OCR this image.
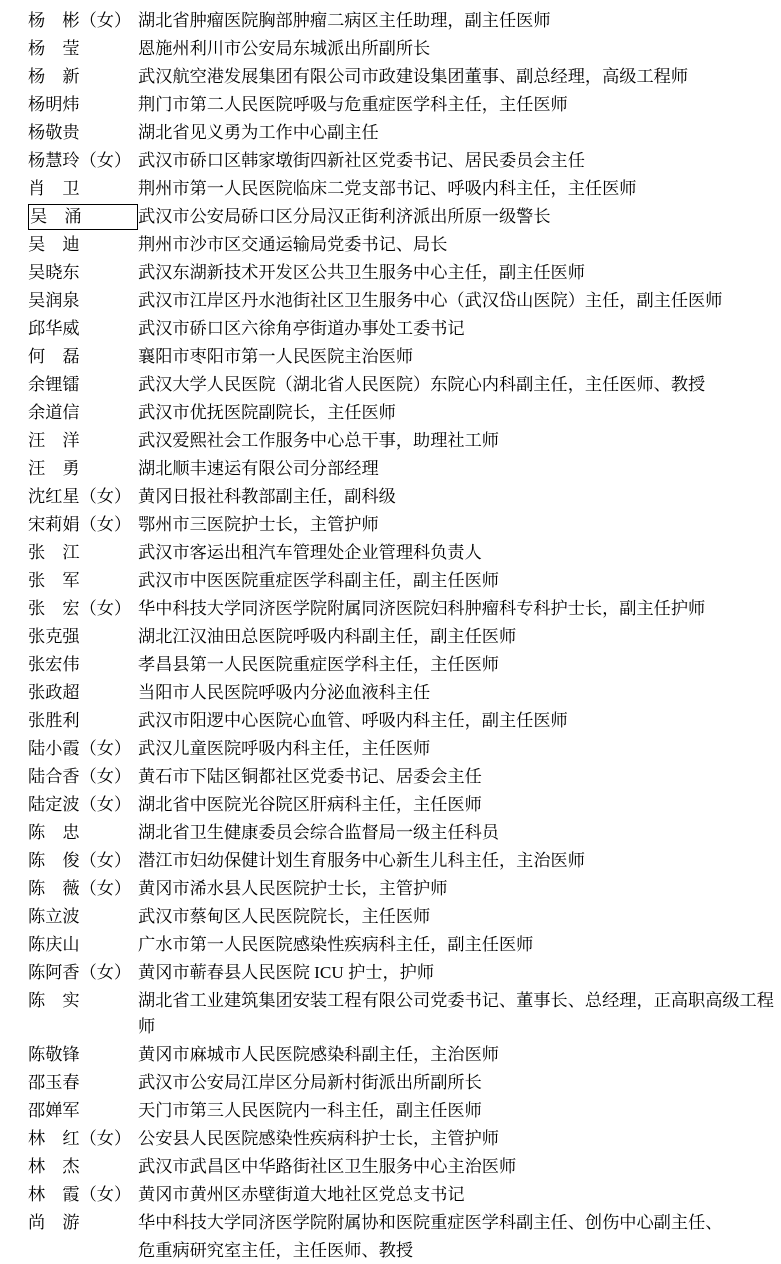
杨　彬（女） 湖北省肿瘤医院胸部肿瘤二病区主任助理，副主任医师
杨　莹	恩施州利川市公安局东城派出所副所长
杨　新	武汉航空港发展集团有限公司市政建设集团董事、副总经理，高级工程师
杨明炜	荆门市第二人民医院呼吸与危重症医学科主任，主任医师
杨敬贵	湖北省见义勇为工作中心副主任
杨慧玲（女） 武汉市硚口区韩家墩街四新社区党委书记、居民委员会主任
肖　卫	荆州市第一人民医院临床二党支部书记、呼吸内科主任，主任医师
吴　涌	武汉市公安局硚口区分局汉正街利济派出所原一级警长
吴　迪	荆州市沙市区交通运输局党委书记、局长
吴晓东	武汉东湖新技术开发区公共卫生服务中心主任，副主任医师
吴润泉	武汉市江岸区丹水池街社区卫生服务中心（武汉岱山医院）主任，副主任医师
邱华威	武汉市硚口区六徐角亭街道办事处工委书记
何　磊	襄阳市枣阳市第一人民医院主治医师
余锂镭	武汉大学人民医院（湖北省人民医院）东院心内科副主任，主任医师、教授
余道信	武汉市优抚医院副院长，主任医师
汪　洋	武汉爱熙社会工作服务中心总干事，助理社工师
汪　勇	湖北顺丰速运有限公司分部经理
沈红星（女） 黄冈日报社科教部副主任，副科级
宋莉娟（女） 鄂州市三医院护士长，主管护师
张　江	武汉市客运出租汽车管理处企业管理科负责人
张　军	武汉市中医医院重症医学科副主任，副主任医师
张　宏（女） 华中科技大学同济医学院附属同济医院妇科肿瘤科专科护士长，副主任护师
张克强	湖北江汉油田总医院呼吸内科副主任，副主任医师
张宏伟	孝昌县第一人民医院重症医学科主任，主任医师
张政超	当阳市人民医院呼吸内分泌血液科主任
张胜利	武汉市阳逻中心医院心血管、呼吸内科主任，副主任医师
陆小霞（女） 武汉儿童医院呼吸内科主任，主任医师
陆合香（女） 黄石市下陆区铜都社区党委书记、居委会主任
陆定波（女） 湖北省中医院光谷院区肝病科主任，主任医师
陈　忠	湖北省卫生健康委员会综合监督局一级主任科员
陈　俊（女） 潜江市妇幼保健计划生育服务中心新生儿科主任，主治医师
陈　薇（女） 黄冈市浠水县人民医院护士长，主管护师
陈立波	武汉市蔡甸区人民医院院长，主任医师
陈庆山	广水市第一人民医院感染性疾病科主任，副主任医师
陈阿香（女） 黄冈市蕲春县人民医院 ICU 护士，护师
陈　实	湖北省工业建筑集团安装工程有限公司党委书记、董事长、总经理，正高职高级工程师
陈敬锋	黄冈市麻城市人民医院感染科副主任，主治医师
邵玉春	武汉市公安局江岸区分局新村街派出所副所长
邵婵军	天门市第三人民医院内一科主任，副主任医师
林　红（女） 公安县人民医院感染性疾病科护士长，主管护师
林　杰	武汉市武昌区中华路街社区卫生服务中心主治医师
林　霞（女） 黄冈市黄州区赤壁街道大地社区党总支书记
尚　游	华中科技大学同济医学院附属协和医院重症医学科副主任、创伤中心副主任、
危重病研究室主任，主任医师、教授
